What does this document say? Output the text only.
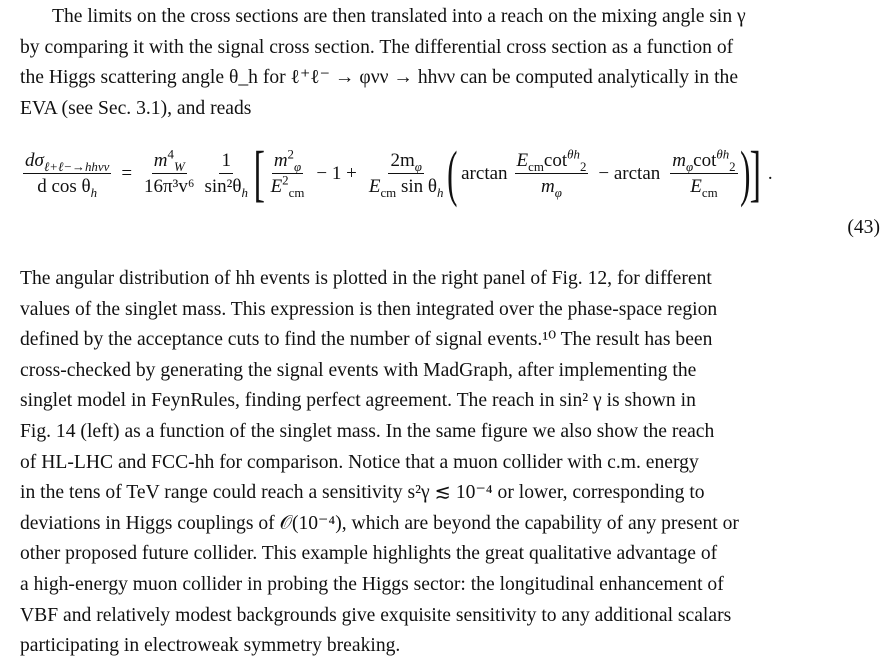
The limits on the cross sections are then translated into a reach on the mixing angle sin γ
by comparing it with the signal cross section. The differential cross section as a function of
the Higgs scattering angle θ_h for ℓ⁺ℓ⁻ → φνν → hhνν can be computed analytically in the
EVA (see Sec. 3.1), and reads
$\frac{d\sigma_{\ell+\ell-\to hh\nu\nu}}{d \cos \theta_h} = \frac{m^4_W}{\text{16π³v⁶}} \frac{1}{\sin^2\theta_h}$ [ $\frac{m^2_\varphi}{E^2_{cm}} - 1 + \frac{2m_\varphi}{E_{cm} \sin \theta_h}$ ( $\arctan \frac{E_{cm}\cot^{\theta h}_2}{m_\varphi} - \arctan \frac{m_\varphi\cot^{\theta h}_2}{E_{cm}}$ ) ] .
(43)
The angular distribution of hh events is plotted in the right panel of Fig. 12, for different
values of the singlet mass. This expression is then integrated over the phase-space region
defined by the acceptance cuts to find the number of signal events.¹⁰ The result has been
cross-checked by generating the signal events with MadGraph, after implementing the
singlet model in FeynRules, finding perfect agreement. The reach in sin² γ is shown in
Fig. 14 (left) as a function of the singlet mass. In the same figure we also show the reach
of HL-LHC and FCC-hh for comparison. Notice that a muon collider with c.m. energy
in the tens of TeV range could reach a sensitivity s²γ ≲ 10⁻⁴ or lower, corresponding to
deviations in Higgs couplings of 𝒪(10⁻⁴), which are beyond the capability of any present or
other proposed future collider. This example highlights the great qualitative advantage of
a high-energy muon collider in probing the Higgs sector: the longitudinal enhancement of
VBF and relatively modest backgrounds give exquisite sensitivity to any additional scalars
participating in electroweak symmetry breaking.
